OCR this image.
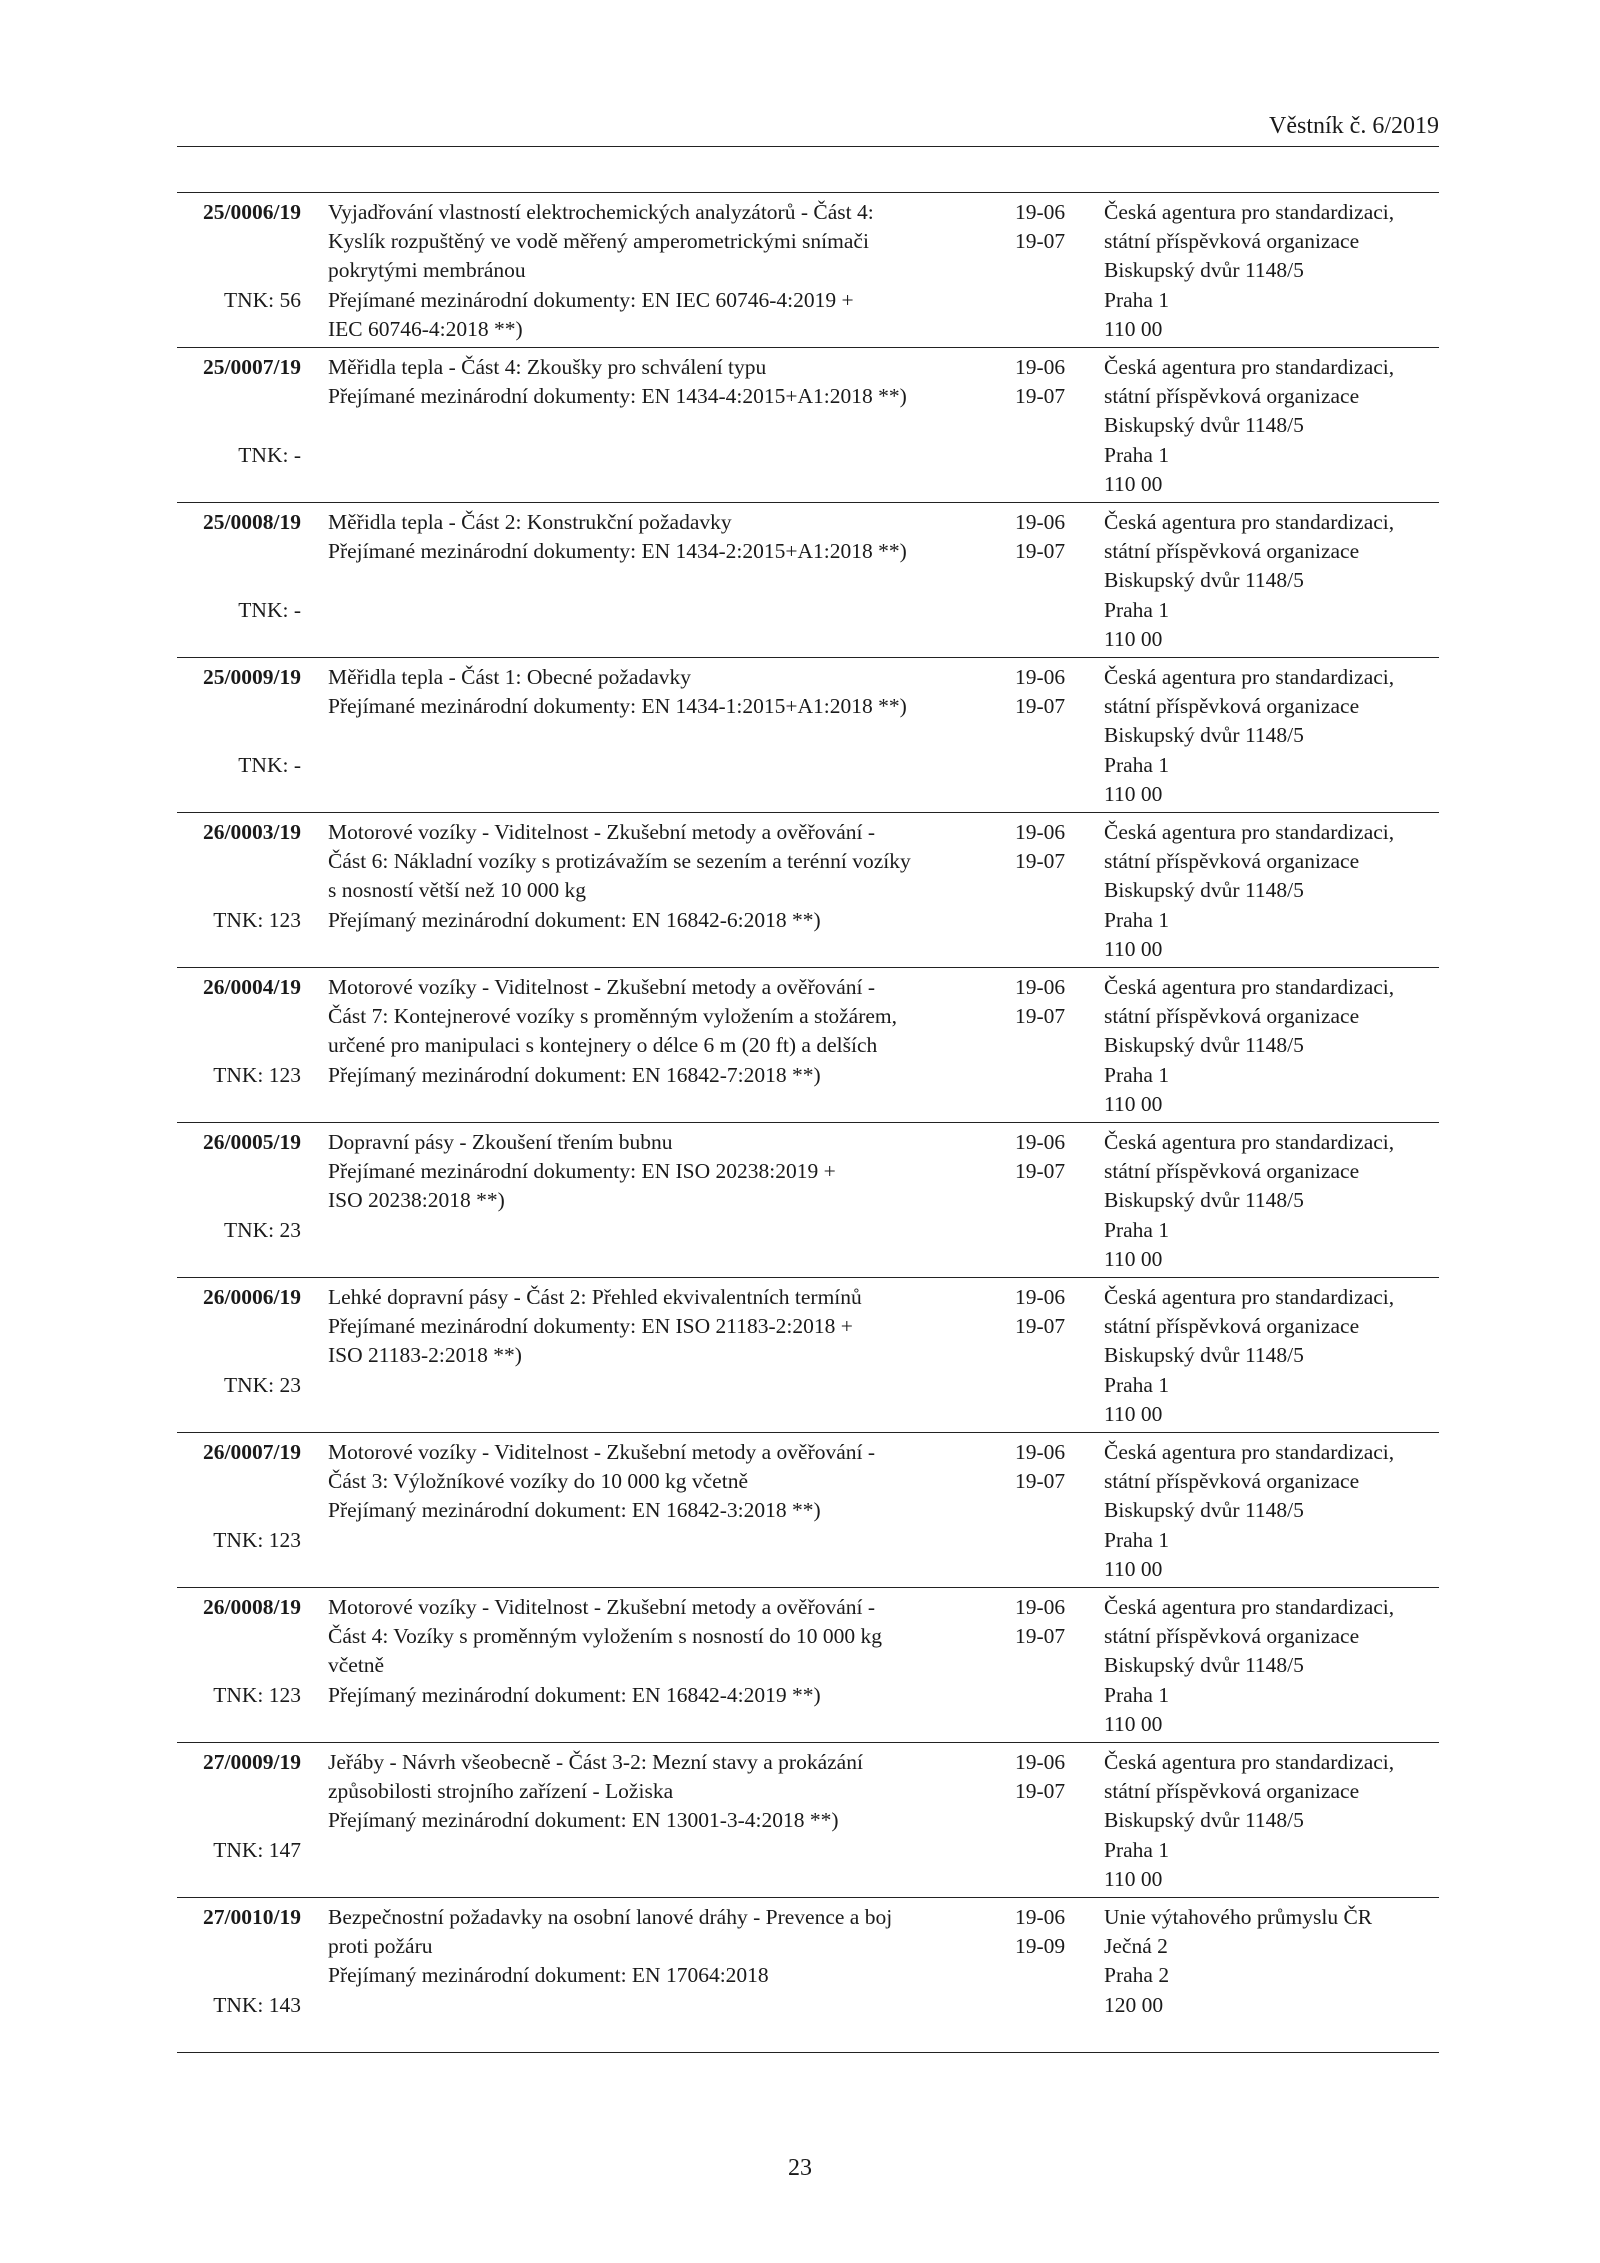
Věstník č. 6/2019
25/0006/19
TNK: 56
Vyjadřování vlastností elektrochemických analyzátorů - Část 4:
Kyslík rozpuštěný ve vodě měřený amperometrickými snímači
pokrytými membránou
Přejímané mezinárodní dokumenty: EN IEC 60746-4:2019 +
IEC 60746-4:2018 **)
19-06
19-07
Česká agentura pro standardizaci,
státní příspěvková organizace
Biskupský dvůr 1148/5
Praha 1
110 00
25/0007/19
TNK: -
Měřidla tepla - Část 4: Zkoušky pro schválení typu
Přejímané mezinárodní dokumenty: EN 1434-4:2015+A1:2018 **)
19-06
19-07
Česká agentura pro standardizaci,
státní příspěvková organizace
Biskupský dvůr 1148/5
Praha 1
110 00
25/0008/19
TNK: -
Měřidla tepla - Část 2: Konstrukční požadavky
Přejímané mezinárodní dokumenty: EN 1434-2:2015+A1:2018 **)
19-06
19-07
Česká agentura pro standardizaci,
státní příspěvková organizace
Biskupský dvůr 1148/5
Praha 1
110 00
25/0009/19
TNK: -
Měřidla tepla - Část 1: Obecné požadavky
Přejímané mezinárodní dokumenty: EN 1434-1:2015+A1:2018 **)
19-06
19-07
Česká agentura pro standardizaci,
státní příspěvková organizace
Biskupský dvůr 1148/5
Praha 1
110 00
26/0003/19
TNK: 123
Motorové vozíky - Viditelnost - Zkušební metody a ověřování -
Část 6: Nákladní vozíky s protizávažím se sezením a terénní vozíky
s nosností větší než 10 000 kg
Přejímaný mezinárodní dokument: EN 16842-6:2018 **)
19-06
19-07
Česká agentura pro standardizaci,
státní příspěvková organizace
Biskupský dvůr 1148/5
Praha 1
110 00
26/0004/19
TNK: 123
Motorové vozíky - Viditelnost - Zkušební metody a ověřování -
Část 7: Kontejnerové vozíky s proměnným vyložením a stožárem,
určené pro manipulaci s kontejnery o délce 6 m (20 ft) a delších
Přejímaný mezinárodní dokument: EN 16842-7:2018 **)
19-06
19-07
Česká agentura pro standardizaci,
státní příspěvková organizace
Biskupský dvůr 1148/5
Praha 1
110 00
26/0005/19
TNK: 23
Dopravní pásy - Zkoušení třením bubnu
Přejímané mezinárodní dokumenty: EN ISO 20238:2019 +
ISO 20238:2018 **)
19-06
19-07
Česká agentura pro standardizaci,
státní příspěvková organizace
Biskupský dvůr 1148/5
Praha 1
110 00
26/0006/19
TNK: 23
Lehké dopravní pásy - Část 2: Přehled ekvivalentních termínů
Přejímané mezinárodní dokumenty: EN ISO 21183-2:2018 +
ISO 21183-2:2018 **)
19-06
19-07
Česká agentura pro standardizaci,
státní příspěvková organizace
Biskupský dvůr 1148/5
Praha 1
110 00
26/0007/19
TNK: 123
Motorové vozíky - Viditelnost - Zkušební metody a ověřování -
Část 3: Výložníkové vozíky do 10 000 kg včetně
Přejímaný mezinárodní dokument: EN 16842-3:2018 **)
19-06
19-07
Česká agentura pro standardizaci,
státní příspěvková organizace
Biskupský dvůr 1148/5
Praha 1
110 00
26/0008/19
TNK: 123
Motorové vozíky - Viditelnost - Zkušební metody a ověřování -
Část 4: Vozíky s proměnným vyložením s nosností do 10 000 kg
včetně
Přejímaný mezinárodní dokument: EN 16842-4:2019 **)
19-06
19-07
Česká agentura pro standardizaci,
státní příspěvková organizace
Biskupský dvůr 1148/5
Praha 1
110 00
27/0009/19
TNK: 147
Jeřáby - Návrh všeobecně - Část 3-2: Mezní stavy a prokázání
způsobilosti strojního zařízení - Ložiska
Přejímaný mezinárodní dokument: EN 13001-3-4:2018 **)
19-06
19-07
Česká agentura pro standardizaci,
státní příspěvková organizace
Biskupský dvůr 1148/5
Praha 1
110 00
27/0010/19
TNK: 143
Bezpečnostní požadavky na osobní lanové dráhy - Prevence a boj
proti požáru
Přejímaný mezinárodní dokument: EN 17064:2018
19-06
19-09
Unie výtahového průmyslu ČR
Ječná 2
Praha 2
120 00
23
